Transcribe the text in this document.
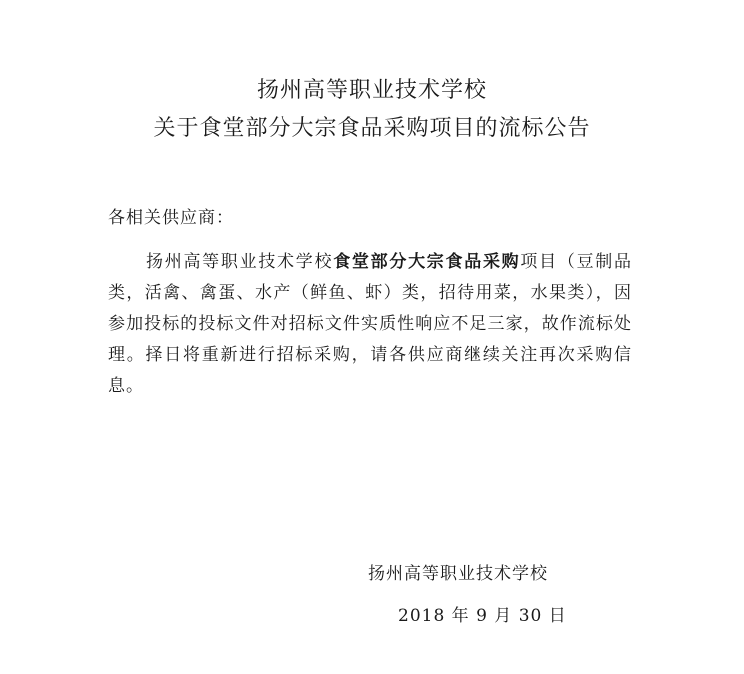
扬州高等职业技术学校
关于食堂部分大宗食品采购项目的流标公告
各相关供应商：
扬州高等职业技术学校食堂部分大宗食品采购项目（豆制品类，活禽、禽蛋、水产（鲜鱼、虾）类，招待用菜，水果类），因参加投标的投标文件对招标文件实质性响应不足三家，故作流标处理。择日将重新进行招标采购，请各供应商继续关注再次采购信息。
扬州高等职业技术学校
2018 年 9 月 30 日
